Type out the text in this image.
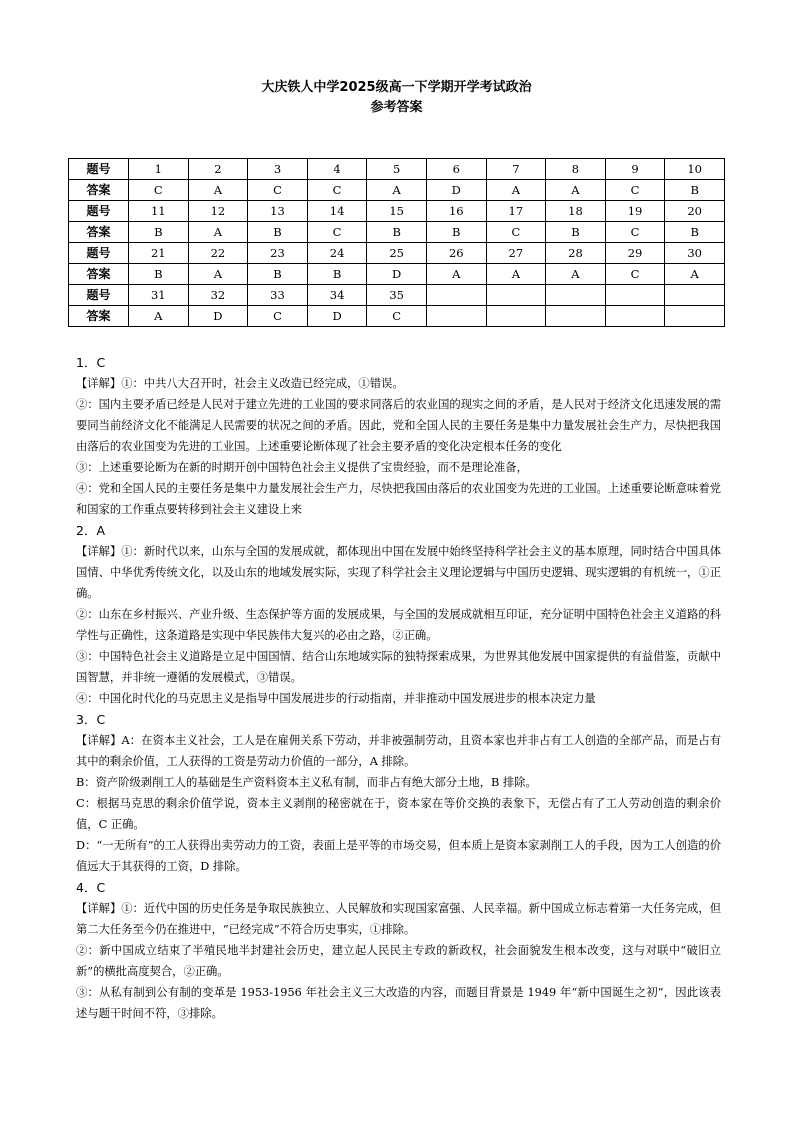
大庆铁人中学2025级高一下学期开学考试政治
参考答案
题号	1	2	3	4	5	6	7	8	9	10
答案	C	A	C	C	A	D	A	A	C	B
题号	11	12	13	14	15	16	17	18	19	20
答案	B	A	B	C	B	B	C	B	C	B
题号	21	22	23	24	25	26	27	28	29	30
答案	B	A	B	B	D	A	A	A	C	A
题号	31	32	33	34	35					
答案	A	D	C	D	C					
1．C
【详解】①：中共八大召开时，社会主义改造已经完成，①错误。
②：国内主要矛盾已经是人民对于建立先进的工业国的要求同落后的农业国的现实之间的矛盾，是人民对于经济文化迅速发展的需要同当前经济文化不能满足人民需要的状况之间的矛盾。因此，党和全国人民的主要任务是集中力量发展社会生产力，尽快把我国由落后的农业国变为先进的工业国。上述重要论断体现了社会主要矛盾的变化决定根本任务的变化
③：上述重要论断为在新的时期开创中国特色社会主义提供了宝贵经验，而不是理论准备，
④：党和全国人民的主要任务是集中力量发展社会生产力，尽快把我国由落后的农业国变为先进的工业国。上述重要论断意味着党和国家的工作重点要转移到社会主义建设上来
2．A
【详解】①：新时代以来，山东与全国的发展成就，都体现出中国在发展中始终坚持科学社会主义的基本原理，同时结合中国具体国情、中华优秀传统文化，以及山东的地域发展实际，实现了科学社会主义理论逻辑与中国历史逻辑、现实逻辑的有机统一，①正确。
②：山东在乡村振兴、产业升级、生态保护等方面的发展成果，与全国的发展成就相互印证，充分证明中国特色社会主义道路的科学性与正确性，这条道路是实现中华民族伟大复兴的必由之路，②正确。
③：中国特色社会主义道路是立足中国国情、结合山东地域实际的独特探索成果，为世界其他发展中国家提供的有益借鉴，贡献中国智慧，并非统一遵循的发展模式，③错误。
④：中国化时代化的马克思主义是指导中国发展进步的行动指南，并非推动中国发展进步的根本决定力量
3．C
【详解】A：在资本主义社会，工人是在雇佣关系下劳动，并非被强制劳动，且资本家也并非占有工人创造的全部产品，而是占有其中的剩余价值，工人获得的工资是劳动力价值的一部分，A 排除。
B：资产阶级剥削工人的基础是生产资料资本主义私有制，而非占有绝大部分土地，B 排除。
C：根据马克思的剩余价值学说，资本主义剥削的秘密就在于，资本家在等价交换的表象下，无偿占有了工人劳动创造的剩余价值，C 正确。
D：“一无所有”的工人获得出卖劳动力的工资，表面上是平等的市场交易，但本质上是资本家剥削工人的手段，因为工人创造的价值远大于其获得的工资，D 排除。
4．C
【详解】①：近代中国的历史任务是争取民族独立、人民解放和实现国家富强、人民幸福。新中国成立标志着第一大任务完成，但第二大任务至今仍在推进中，“已经完成”不符合历史事实，①排除。
②：新中国成立结束了半殖民地半封建社会历史，建立起人民民主专政的新政权，社会面貌发生根本改变，这与对联中“破旧立新”的横批高度契合，②正确。
③：从私有制到公有制的变革是 1953-1956 年社会主义三大改造的内容，而题目背景是 1949 年“新中国诞生之初”，因此该表述与题干时间不符，③排除。
